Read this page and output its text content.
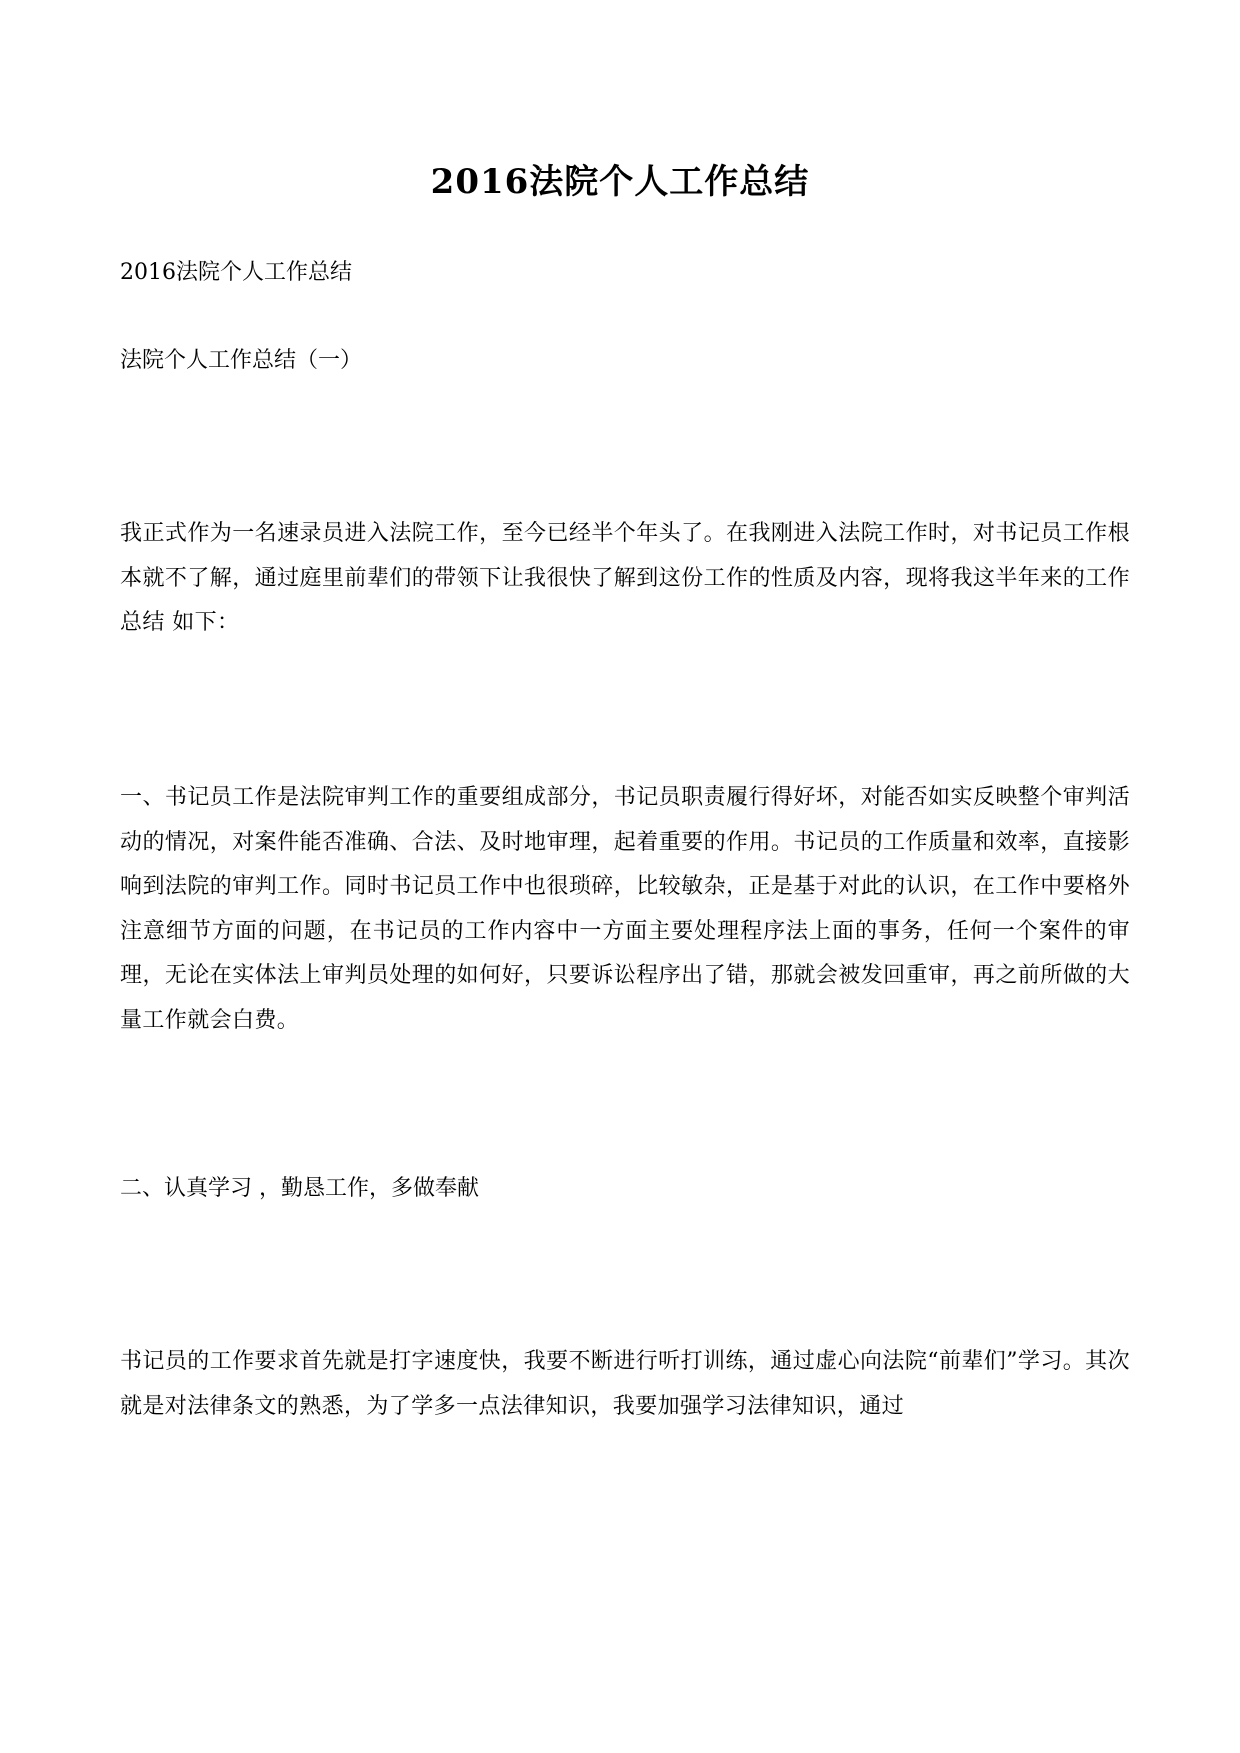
2016法院个人工作总结
2016法院个人工作总结
法院个人工作总结（一）
我正式作为一名速录员进入法院工作，至今已经半个年头了。在我刚进入法院工作时，对书记员工作根本就不了解，通过庭里前辈们的带领下让我很快了解到这份工作的性质及内容，现将我这半年来的工作总结 如下：
一、书记员工作是法院审判工作的重要组成部分，书记员职责履行得好坏，对能否如实反映整个审判活动的情况，对案件能否准确、合法、及时地审理，起着重要的作用。书记员的工作质量和效率，直接影响到法院的审判工作。同时书记员工作中也很琐碎，比较敏杂，正是基于对此的认识，在工作中要格外注意细节方面的问题，在书记员的工作内容中一方面主要处理程序法上面的事务，任何一个案件的审理，无论在实体法上审判员处理的如何好，只要诉讼程序出了错，那就会被发回重审，再之前所做的大量工作就会白费。
二、认真学习 ，勤恳工作，多做奉献
书记员的工作要求首先就是打字速度快，我要不断进行听打训练，通过虚心向法院“前辈们”学习。其次就是对法律条文的熟悉，为了学多一点法律知识，我要加强学习法律知识，通过
